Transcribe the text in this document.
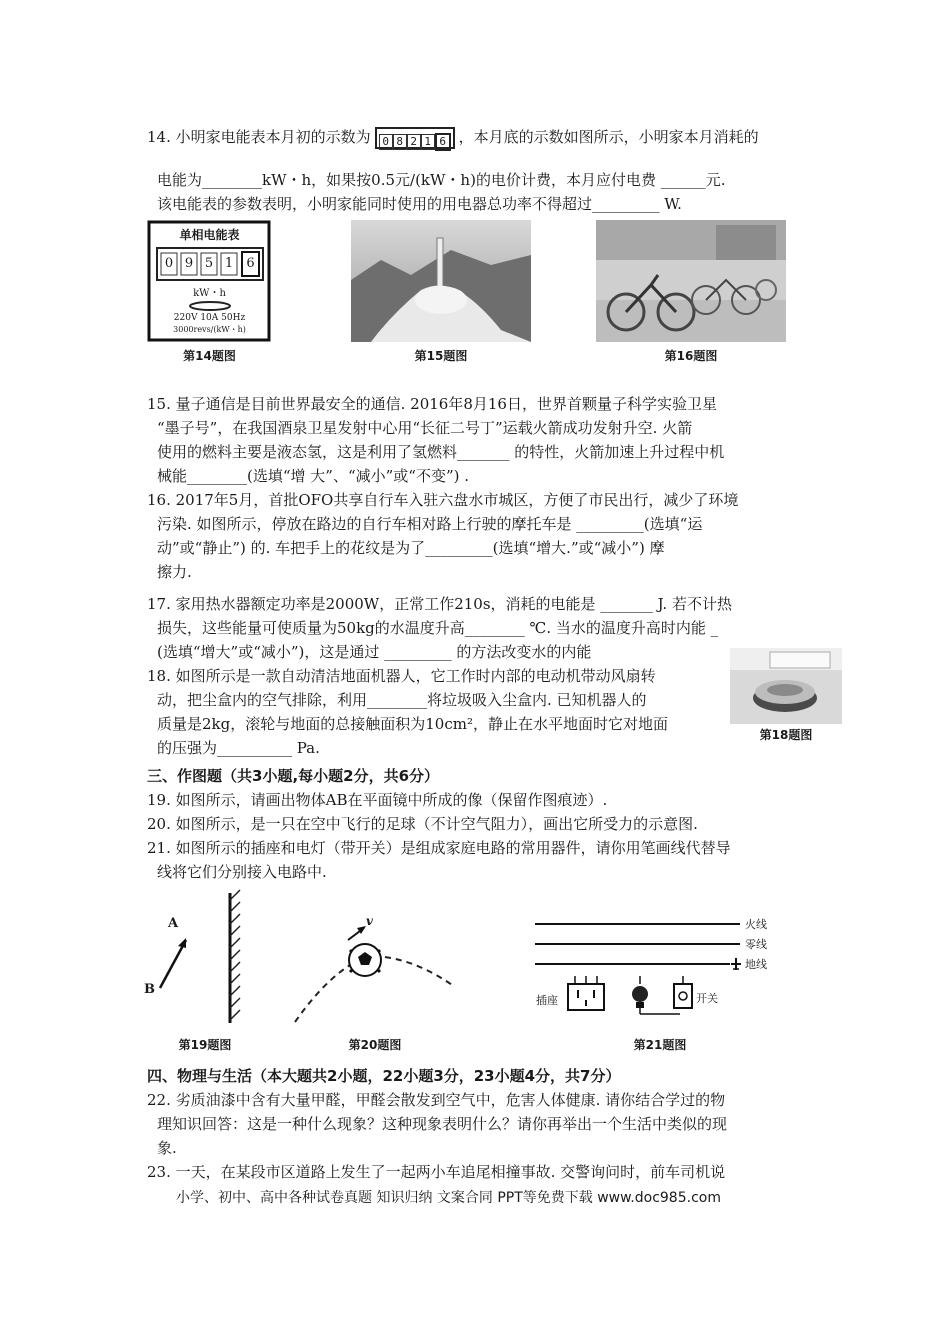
14. 小明家电能表本月初的示数为 0 8 2 1 6 ，本月底的示数如图所示，小明家本月消耗的
电能为________kW・h，如果按0.5元/(kW・h)的电价计费，本月应付电费 ______元.
该电能表的参数表明，小明家能同时使用的用电器总功率不得超过_________ W.
单相电能表
0 9 5 1	6
kW・h
220V 10A 50Hz
3000revs/(kW・h)
第14题图	第15题图	第16题图
15. 量子通信是目前世界最安全的通信. 2016年8月16日，世界首颗量子科学实验卫星
“墨子号”，在我国酒泉卫星发射中心用“长征二号丁”运载火箭成功发射升空. 火箭
使用的燃料主要是液态氢，这是利用了氢燃料_______ 的特性，火箭加速上升过程中机
械能________(选填“增 大”、“减小”或“不变”) .
16. 2017年5月，首批OFO共享自行车入驻六盘水市城区，方便了市民出行，减少了环境
污染. 如图所示，停放在路边的自行车相对路上行驶的摩托车是 _________(选填“运
动”或“静止”) 的. 车把手上的花纹是为了_________(选填“增大.”或“减小”) 摩
擦力.
17. 家用热水器额定功率是2000W，正常工作210s，消耗的电能是 _______ J. 若不计热
损失，这些能量可使质量为50kg的水温度升高________ ℃. 当水的温度升高时内能 _
(选填“增大”或“减小”)，这是通过 _________ 的方法改变水的内能
18. 如图所示是一款自动清洁地面机器人，它工作时内部的电动机带动风扇转
动，把尘盒内的空气排除，利用________将垃圾吸入尘盒内. 已知机器人的
质量是2kg，滚轮与地面的总接触面积为10cm²，静止在水平地面时它对地面
的压强为__________ Pa.
第18题图
三、作图题（共3小题,每小题2分，共6分）
19. 如图所示，请画出物体AB在平面镜中所成的像（保留作图痕迹）.
20. 如图所示，是一只在空中飞行的足球（不计空气阻力），画出它所受力的示意图.
21. 如图所示的插座和电灯（带开关）是组成家庭电路的常用器件，请你用笔画线代替导
线将它们分别接入电路中.
A
B
第19题图
v
第20题图
火线
零线
地线
插座	开关
第21题图
四、物理与生活（本大题共2小题，22小题3分，23小题4分，共7分）
22. 劣质油漆中含有大量甲醛，甲醛会散发到空气中，危害人体健康. 请你结合学过的物
理知识回答：这是一种什么现象？这种现象表明什么？请你再举出一个生活中类似的现
象.
23. 一天，在某段市区道路上发生了一起两小车追尾相撞事故. 交警询问时，前车司机说
小学、初中、高中各种试卷真题 知识归纳 文案合同 PPT等免费下载 www.doc985.com
